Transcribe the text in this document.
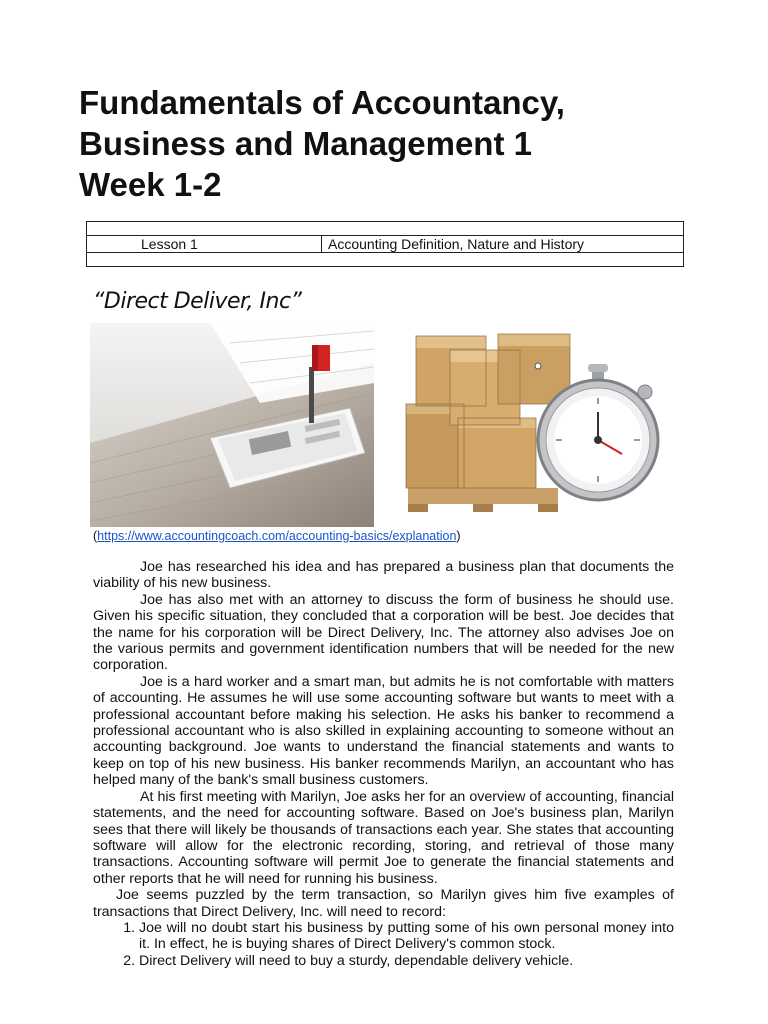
Fundamentals of Accountancy,
Business and Management 1
Week 1-2

Lesson 1	Accounting Definition, Nature and History

“Direct Deliver, Inc”
(https://www.accountingcoach.com/accounting-basics/explanation)

Joe has researched his idea and has prepared a business plan that documents the viability of his new business.

Joe has also met with an attorney to discuss the form of business he should use. Given his specific situation, they concluded that a corporation will be best. Joe decides that the name for his corporation will be Direct Delivery, Inc. The attorney also advises Joe on the various permits and government identification numbers that will be needed for the new corporation.

Joe is a hard worker and a smart man, but admits he is not comfortable with matters of accounting. He assumes he will use some accounting software but wants to meet with a professional accountant before making his selection. He asks his banker to recommend a professional accountant who is also skilled in explaining accounting to someone without an accounting background. Joe wants to understand the financial statements and wants to keep on top of his new business. His banker recommends Marilyn, an accountant who has helped many of the bank's small business customers.

At his first meeting with Marilyn, Joe asks her for an overview of accounting, financial statements, and the need for accounting software. Based on Joe's business plan, Marilyn sees that there will likely be thousands of transactions each year. She states that accounting software will allow for the electronic recording, storing, and retrieval of those many transactions. Accounting software will permit Joe to generate the financial statements and other reports that he will need for running his business.

Joe seems puzzled by the term transaction, so Marilyn gives him five examples of transactions that Direct Delivery, Inc. will need to record:

1. Joe will no doubt start his business by putting some of his own personal money into it. In effect, he is buying shares of Direct Delivery's common stock.
2. Direct Delivery will need to buy a sturdy, dependable delivery vehicle.
